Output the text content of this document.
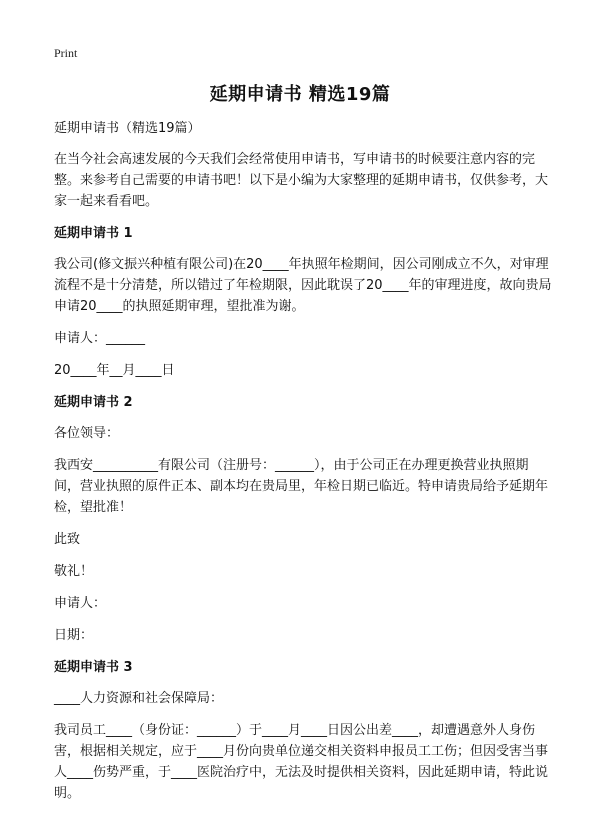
Print
延期申请书 精选19篇

延期申请书（精选19篇）

在当今社会高速发展的今天我们会经常使用申请书，写申请书的时候要注意内容的完整。来参考自己需要的申请书吧！以下是小编为大家整理的延期申请书，仅供参考，大家一起来看看吧。

延期申请书 1

我公司(修文振兴种植有限公司)在20____年执照年检期间，因公司刚成立不久，对审理流程不是十分清楚，所以错过了年检期限，因此耽误了20____年的审理进度，故向贵局申请20____的执照延期审理，望批准为谢。

申请人：______

20____年__月____日

延期申请书 2

各位领导：

我西安__________有限公司（注册号：______），由于公司正在办理更换营业执照期间，营业执照的原件正本、副本均在贵局里，年检日期已临近。特申请贵局给予延期年检，望批准！

此致

敬礼！

申请人：

日期：

延期申请书 3

____人力资源和社会保障局：

我司员工____（身份证：______）于____月____日因公出差____，却遭遇意外人身伤害，根据相关规定，应于____月份向贵单位递交相关资料申报员工工伤；但因受害当事人____伤势严重，于____医院治疗中，无法及时提供相关资料，因此延期申请，特此说明。
